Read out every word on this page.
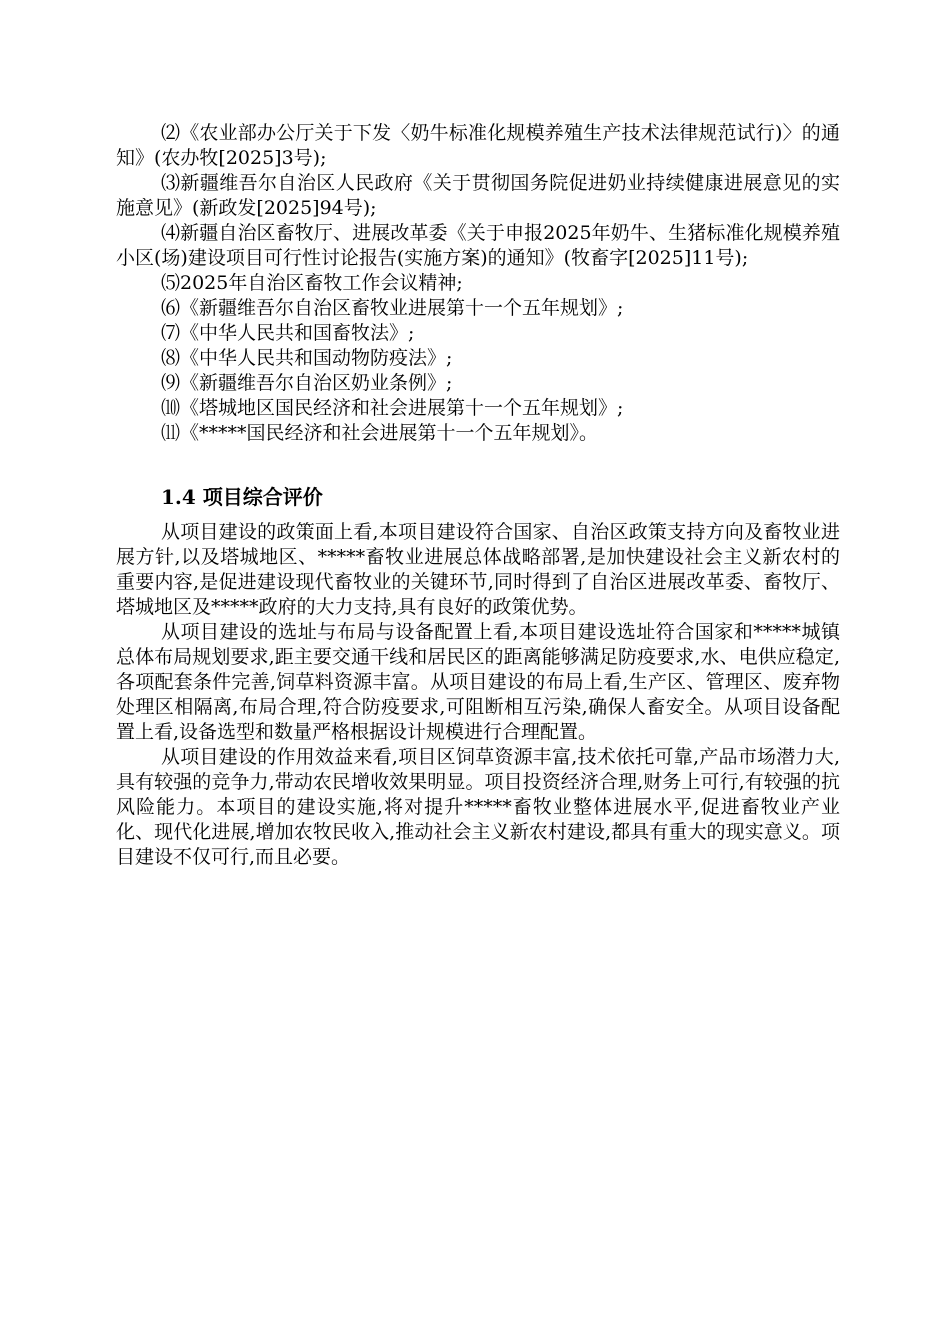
⑵《农业部办公厅关于下发〈奶牛标准化规模养殖生产技术法律规范试行)〉的通知》(农办牧[2025]3号);

⑶新疆维吾尔自治区人民政府《关于贯彻国务院促进奶业持续健康进展意见的实施意见》(新政发[2025]94号);

⑷新疆自治区畜牧厅、进展改革委《关于申报2025年奶牛、生猪标准化规模养殖小区(场)建设项目可行性讨论报告(实施方案)的通知》(牧畜字[2025]11号);

⑸2025年自治区畜牧工作会议精神;

⑹《新疆维吾尔自治区畜牧业进展第十一个五年规划》;

⑺《中华人民共和国畜牧法》;

⑻《中华人民共和国动物防疫法》;

⑼《新疆维吾尔自治区奶业条例》;

⑽《塔城地区国民经济和社会进展第十一个五年规划》;

⑾《*****国民经济和社会进展第十一个五年规划》。

1.4 项目综合评价

从项目建设的政策面上看,本项目建设符合国家、自治区政策支持方向及畜牧业进展方针,以及塔城地区、*****畜牧业进展总体战略部署,是加快建设社会主义新农村的重要内容,是促进建设现代畜牧业的关键环节,同时得到了自治区进展改革委、畜牧厅、塔城地区及*****政府的大力支持,具有良好的政策优势。

从项目建设的选址与布局与设备配置上看,本项目建设选址符合国家和*****城镇总体布局规划要求,距主要交通干线和居民区的距离能够满足防疫要求,水、电供应稳定,各项配套条件完善,饲草料资源丰富。从项目建设的布局上看,生产区、管理区、废弃物处理区相隔离,布局合理,符合防疫要求,可阻断相互污染,确保人畜安全。从项目设备配置上看,设备选型和数量严格根据设计规模进行合理配置。

从项目建设的作用效益来看,项目区饲草资源丰富,技术依托可靠,产品市场潜力大,具有较强的竞争力,带动农民增收效果明显。项目投资经济合理,财务上可行,有较强的抗风险能力。本项目的建设实施,将对提升*****畜牧业整体进展水平,促进畜牧业产业化、现代化进展,增加农牧民收入,推动社会主义新农村建设,都具有重大的现实意义。项目建设不仅可行,而且必要。
